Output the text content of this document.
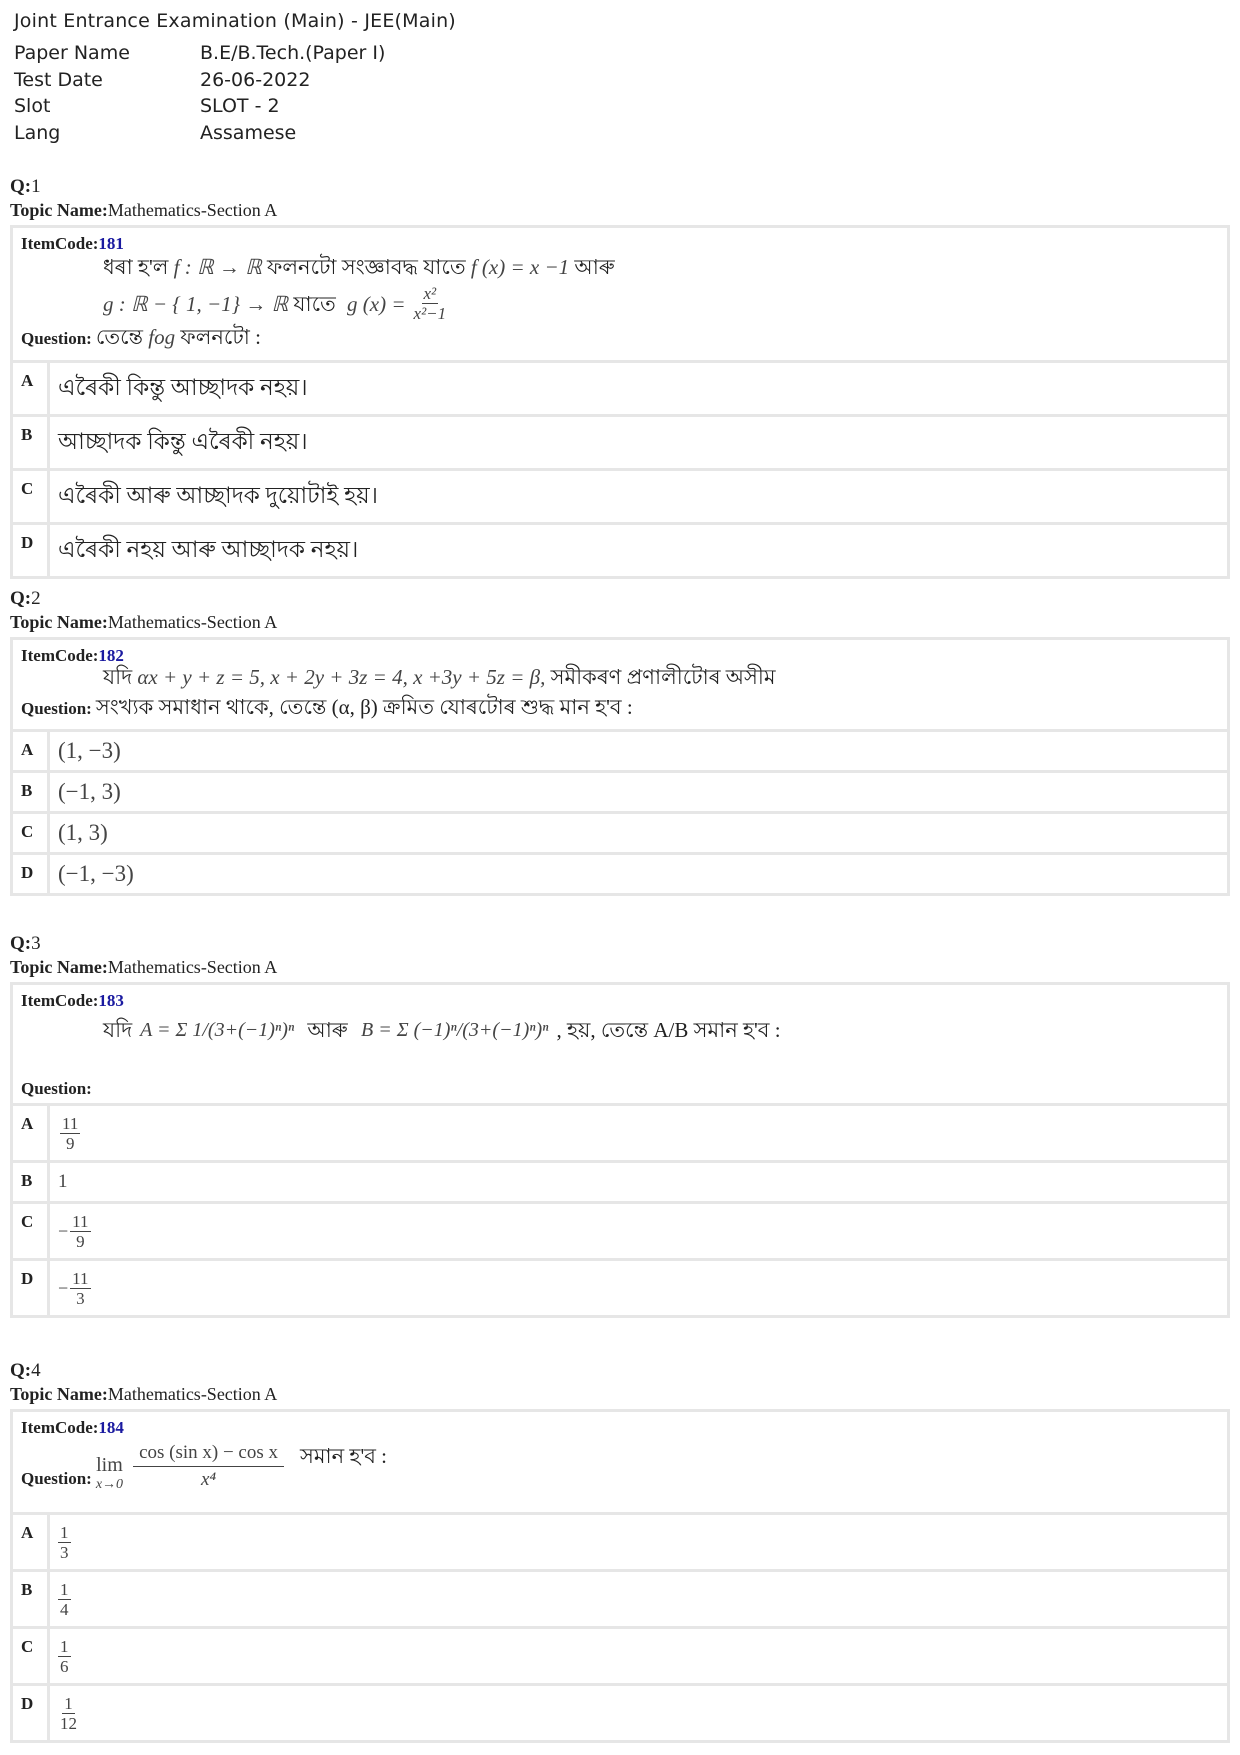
Joint Entrance Examination (Main) - JEE(Main)
Paper Name	B.E/B.Tech.(Paper I)
Test Date	26-06-2022
Slot	SLOT - 2
Lang	Assamese
Q:1
Topic Name:Mathematics-Section A
ItemCode:181
ধৰা হ'ল f : ℝ → ℝ ফলনটো সংজ্ঞাবদ্ধ যাতে f (x) = x −1 আৰু
g : ℝ − { 1, −1} → ℝ যাতে g $(x) = \frac{\text{x²}}{\text{x²−1}}$
Question: তেন্তে fog ফলনটো :
A	এৰৈকী কিন্তু আচ্ছাদক নহয়।
B	আচ্ছাদক কিন্তু এৰৈকী নহয়।
C	এৰৈকী আৰু আচ্ছাদক দুয়োটাই হয়।
D	এৰৈকী নহয় আৰু আচ্ছাদক নহয়।
Q:2
Topic Name:Mathematics-Section A
ItemCode:182
যদি αx + y + z = 5, x + 2y + 3z = 4, x +3y + 5z = β, সমীকৰণ প্ৰণালীটোৰ অসীম
Question: সংখ্যক সমাধান থাকে, তেন্তে (α, β) ক্ৰমিত যোৰটোৰ শুদ্ধ মান হ'ব :
A	(1, −3)
B	(−1, 3)
C	(1, 3)
D	(−1, −3)
Q:3
Topic Name:Mathematics-Section A
ItemCode:183
যদি A = Σ 1/(3+(−1)ⁿ)ⁿ আৰু B = Σ (−1)ⁿ/(3+(−1)ⁿ)ⁿ , হয়, তেন্তে A/B সমান হ'ব :
Question:
A	$\frac{11}{9}$
B	1
C	− $\frac{11}{9}$
D	− $\frac{11}{3}$
Q:4
Topic Name:Mathematics-Section A
ItemCode:184
Question:
lim
$x\to 0 \frac{\text{cos (sin x) − cos x}}{\text{x⁴}}$ সমান হ'ব :
A	$\frac{1}{3}$
B	$\frac{1}{4}$
C	$\frac{1}{6}$
D	$\frac{1}{12}$
